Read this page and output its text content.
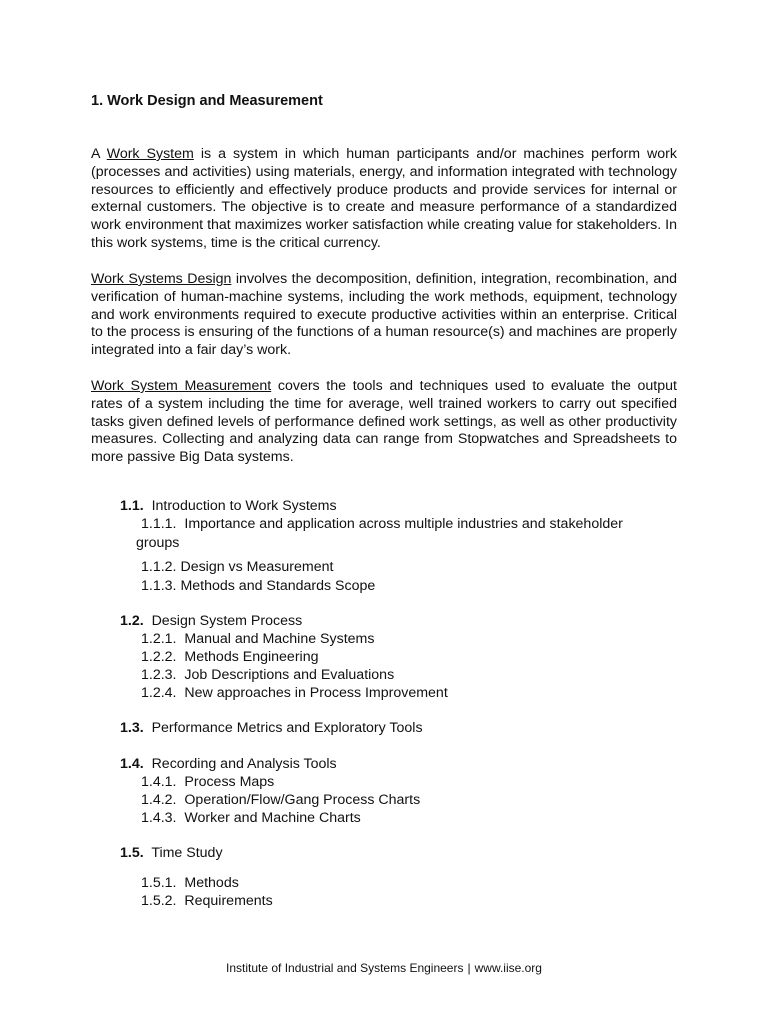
1. Work Design and Measurement

A Work System is a system in which human participants and/or machines perform work (processes and activities) using materials, energy, and information integrated with technology resources to efficiently and effectively produce products and provide services for internal or external customers. The objective is to create and measure performance of a standardized work environment that maximizes worker satisfaction while creating value for stakeholders. In this work systems, time is the critical currency.

Work Systems Design involves the decomposition, definition, integration, recombination, and verification of human-machine systems, including the work methods, equipment, technology and work environments required to execute productive activities within an enterprise. Critical to the process is ensuring of the functions of a human resource(s) and machines are properly integrated into a fair day’s work.

Work System Measurement covers the tools and techniques used to evaluate the output rates of a system including the time for average, well trained workers to carry out specified tasks given defined levels of performance defined work settings, as well as other productivity measures. Collecting and analyzing data can range from Stopwatches and Spreadsheets to more passive Big Data systems.

1.1. Introduction to Work Systems
1.1.1. Importance and application across multiple industries and stakeholder
groups
1.1.2. Design vs Measurement
1.1.3. Methods and Standards Scope
1.2. Design System Process
1.2.1. Manual and Machine Systems
1.2.2. Methods Engineering
1.2.3. Job Descriptions and Evaluations
1.2.4. New approaches in Process Improvement
1.3. Performance Metrics and Exploratory Tools
1.4. Recording and Analysis Tools
1.4.1. Process Maps
1.4.2. Operation/Flow/Gang Process Charts
1.4.3. Worker and Machine Charts
1.5. Time Study
1.5.1. Methods
1.5.2. Requirements
Institute of Industrial and Systems Engineers | www.iise.org
